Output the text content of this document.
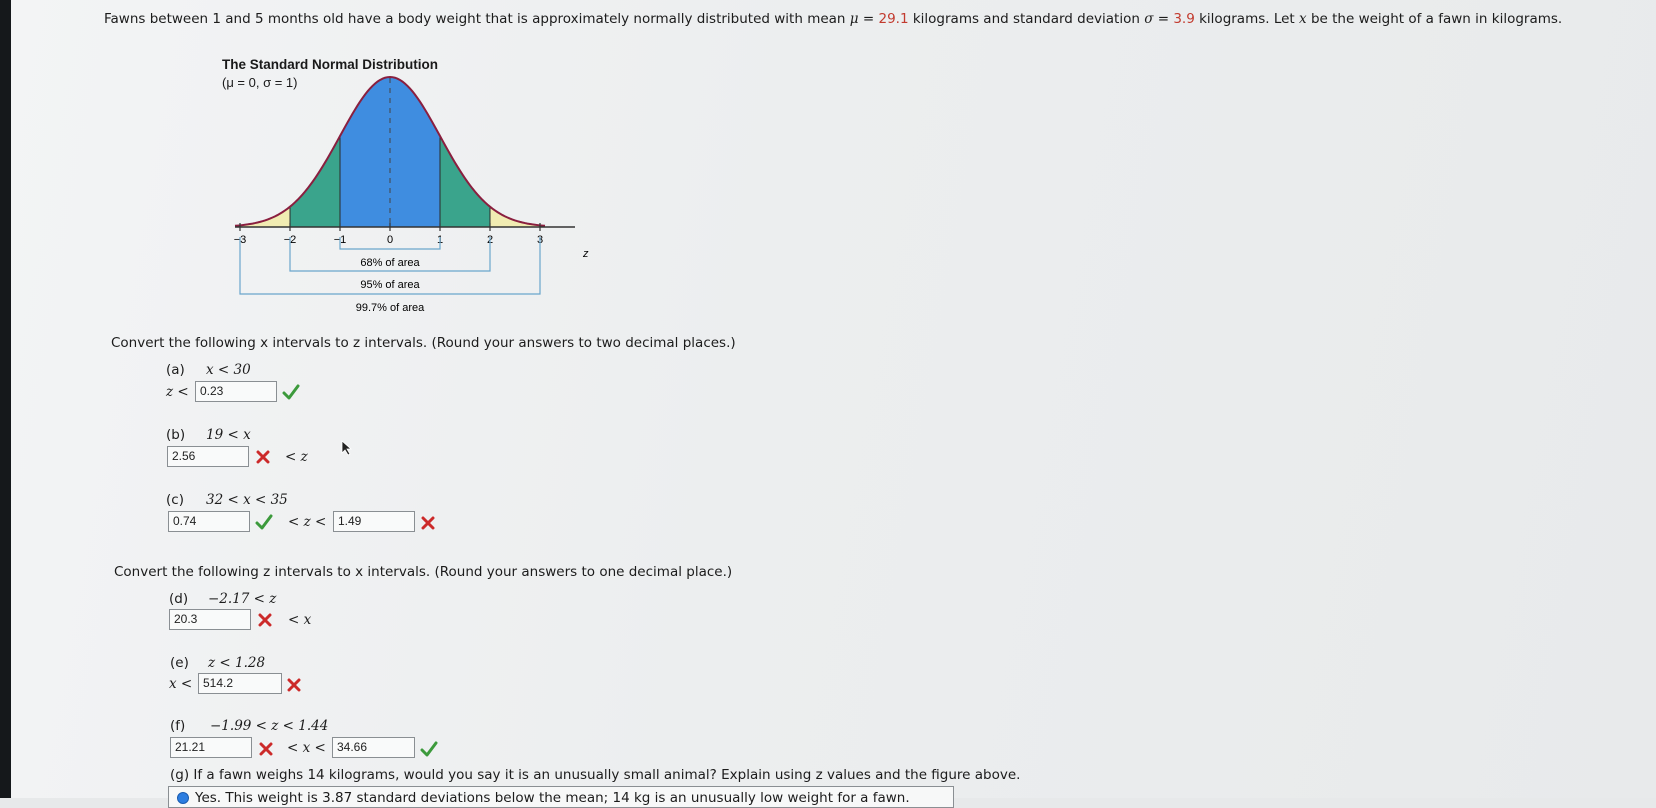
Fawns between 1 and 5 months old have a body weight that is approximately normally distributed with mean μ = 29.1 kilograms and standard deviation σ = 3.9 kilograms. Let x be the weight of a fawn in kilograms.
The Standard Normal Distribution
(μ = 0, σ = 1)
−3	−2	−1	0	1	2	3
z
68% of area
95% of area
99.7% of area
Convert the following x intervals to z intervals. (Round your answers to two decimal places.)
(a) x < 30
z < 0.23
(b) 19 < x
2.56	< z
(c) 32 < x < 35
0.74	< z < 1.49
Convert the following z intervals to x intervals. (Round your answers to one decimal place.)
(d) −2.17 < z
20.3	< x
(e) z < 1.28
x < 514.2
(f) −1.99 < z < 1.44
21.21	< x < 34.66
(g) If a fawn weighs 14 kilograms, would you say it is an unusually small animal? Explain using z values and the figure above.
Yes. This weight is 3.87 standard deviations below the mean; 14 kg is an unusually low weight for a fawn.
